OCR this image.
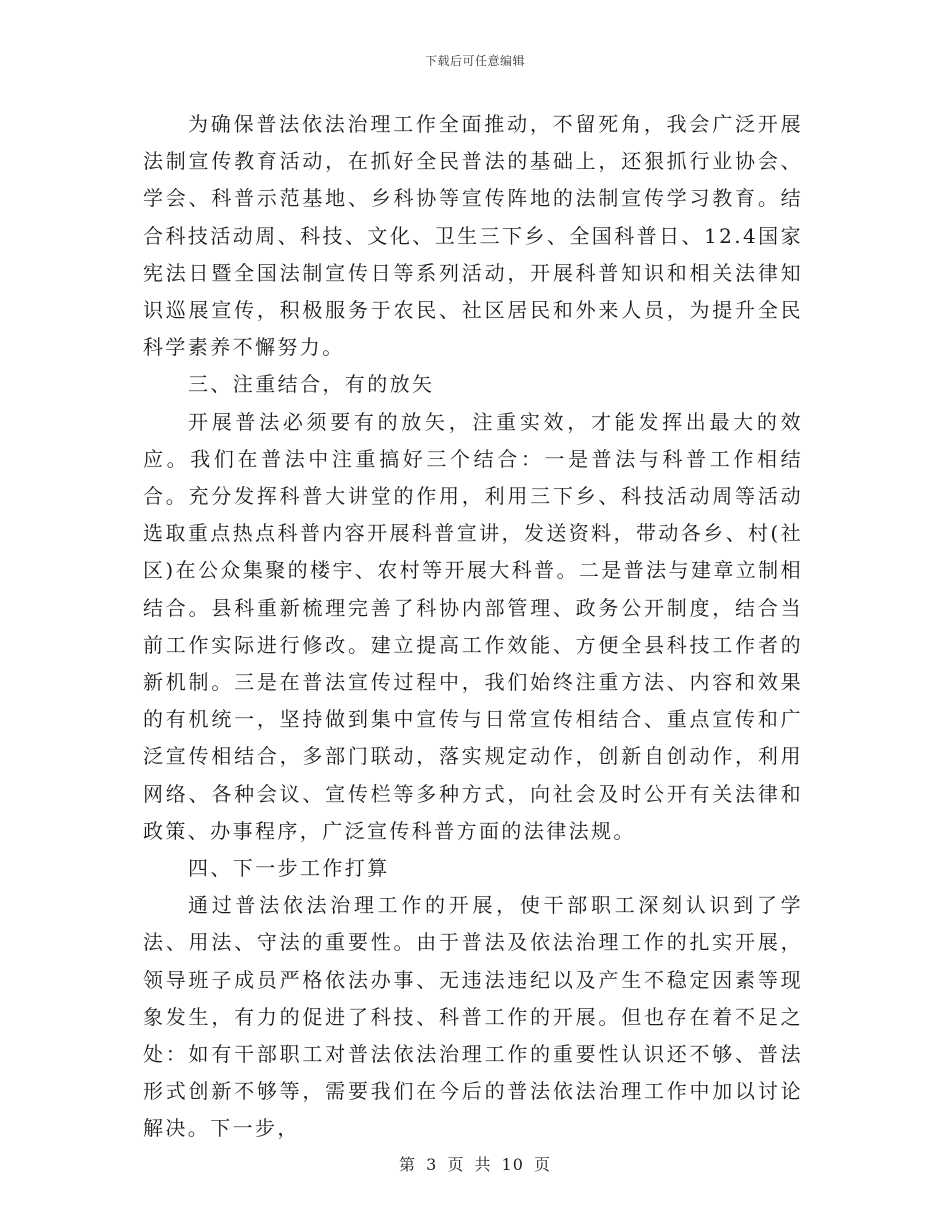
下载后可任意编辑

为确保普法依法治理工作全面推动，不留死角，我会广泛开展法制宣传教育活动，在抓好全民普法的基础上，还狠抓行业协会、学会、科普示范基地、乡科协等宣传阵地的法制宣传学习教育。结合科技活动周、科技、文化、卫生三下乡、全国科普日、12.4国家宪法日暨全国法制宣传日等系列活动，开展科普知识和相关法律知识巡展宣传，积极服务于农民、社区居民和外来人员，为提升全民科学素养不懈努力。

三、注重结合，有的放矢

开展普法必须要有的放矢，注重实效，才能发挥出最大的效应。我们在普法中注重搞好三个结合：一是普法与科普工作相结合。充分发挥科普大讲堂的作用，利用三下乡、科技活动周等活动选取重点热点科普内容开展科普宣讲，发送资料，带动各乡、村(社区)在公众集聚的楼宇、农村等开展大科普。二是普法与建章立制相结合。县科重新梳理完善了科协内部管理、政务公开制度，结合当前工作实际进行修改。建立提高工作效能、方便全县科技工作者的新机制。三是在普法宣传过程中，我们始终注重方法、内容和效果的有机统一，坚持做到集中宣传与日常宣传相结合、重点宣传和广泛宣传相结合，多部门联动，落实规定动作，创新自创动作，利用网络、各种会议、宣传栏等多种方式，向社会及时公开有关法律和政策、办事程序，广泛宣传科普方面的法律法规。

四、下一步工作打算

通过普法依法治理工作的开展，使干部职工深刻认识到了学法、用法、守法的重要性。由于普法及依法治理工作的扎实开展，领导班子成员严格依法办事、无违法违纪以及产生不稳定因素等现象发生，有力的促进了科技、科普工作的开展。但也存在着不足之处：如有干部职工对普法依法治理工作的重要性认识还不够、普法形式创新不够等，需要我们在今后的普法依法治理工作中加以讨论解决。下一步，

第 3 页 共 10 页
